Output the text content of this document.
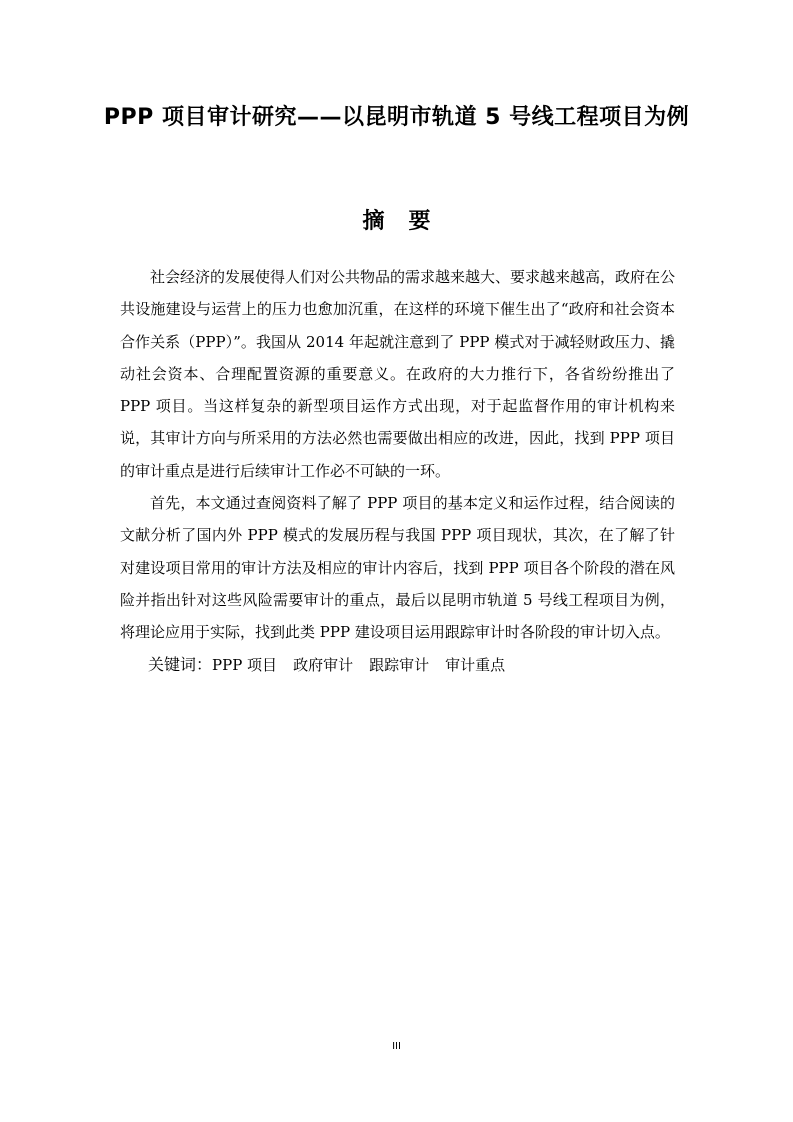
PPP 项目审计研究——以昆明市轨道 5 号线工程项目为例
摘要

社会经济的发展使得人们对公共物品的需求越来越大、要求越来越高，政府在公共设施建设与运营上的压力也愈加沉重，在这样的环境下催生出了“政府和社会资本合作关系（PPP）”。我国从 2014 年起就注意到了 PPP 模式对于减轻财政压力、撬动社会资本、合理配置资源的重要意义。在政府的大力推行下，各省纷纷推出了 PPP 项目。当这样复杂的新型项目运作方式出现，对于起监督作用的审计机构来说，其审计方向与所采用的方法必然也需要做出相应的改进，因此，找到 PPP 项目的审计重点是进行后续审计工作必不可缺的一环。

首先，本文通过查阅资料了解了 PPP 项目的基本定义和运作过程，结合阅读的文献分析了国内外 PPP 模式的发展历程与我国 PPP 项目现状，其次，在了解了针对建设项目常用的审计方法及相应的审计内容后，找到 PPP 项目各个阶段的潜在风险并指出针对这些风险需要审计的重点，最后以昆明市轨道 5 号线工程项目为例，将理论应用于实际，找到此类 PPP 建设项目运用跟踪审计时各阶段的审计切入点。

关键词：PPP 项目 政府审计 跟踪审计 审计重点
III
